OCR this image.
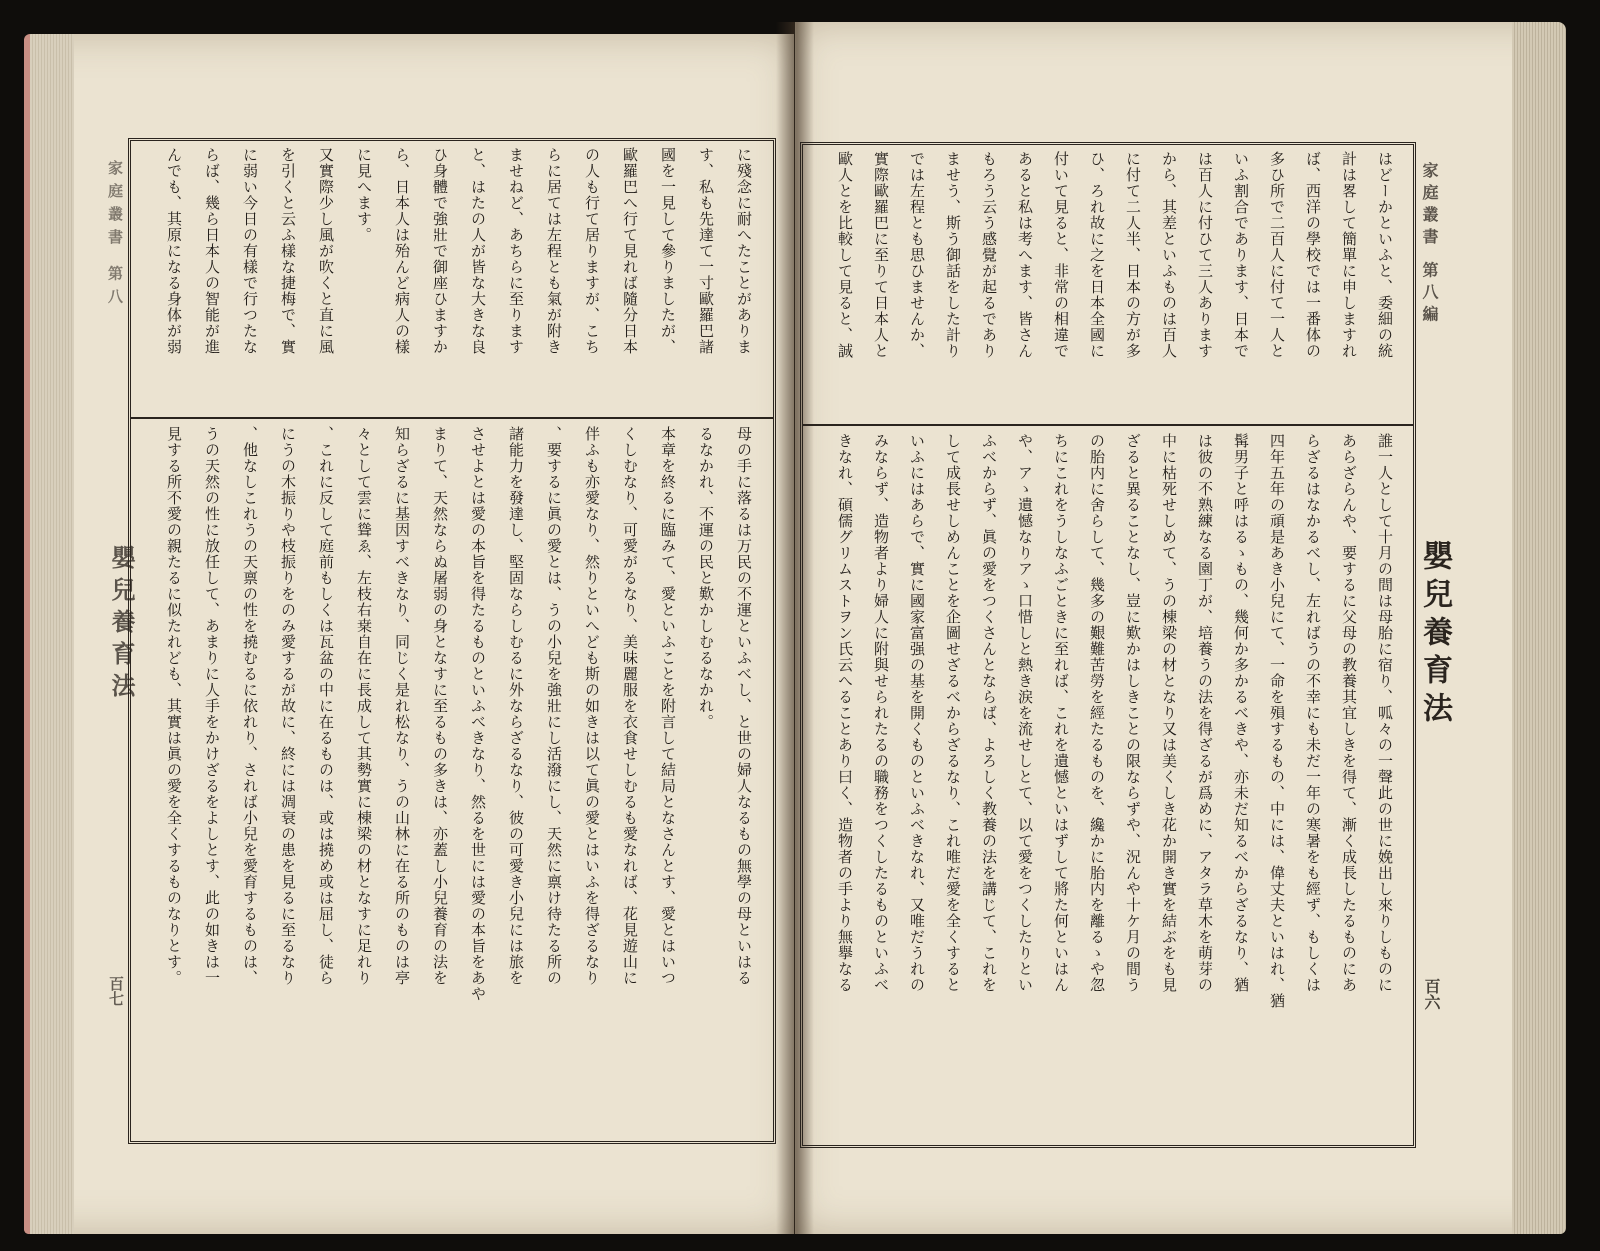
家庭叢書 第八編
嬰兒養育法
百六
家庭叢書 第八
嬰兒養育法
百七
はどーかといふと、委細の統
計は畧して簡單に申しますれ
ば、西洋の學校では一番体の
多ひ所で二百人に付て一人と
いふ割合であります、日本で
は百人に付ひて三人あります
から、其差といふものは百人
に付て二人半、日本の方が多
ひ、ろれ故に之を日本全國に
付いて見ると、非常の相違で
あると私は考へます、皆さん
もろう云う感覺が起るであり
ませう、斯う御話をした計り
では左程とも思ひませんか、
實際歐羅巴に至りて日本人と
歐人とを比較して見ると、誠
誰一人として十月の間は母胎に宿り、呱々の一聲此の世に娩出し來りしものに
あらざらんや、要するに父母の教養其宜しきを得て、漸く成長したるものにあ
らざるはなかるべし、左ればうの不幸にも未だ一年の寒暑をも經ず、もしくは
四年五年の頑是あき小兒にて、一命を殞するもの、中には、偉丈夫といはれ、猶
髯男子と呼はるゝもの、幾何か多かるべきや、亦未だ知るべからざるなり、猶
は彼の不熟練なる園丁が、培養うの法を得ざるが爲めに、アタラ草木を萌芽の
中に枯死せしめて、うの棟梁の材となり又は美くしき花か開き實を結ぶをも見
ざると異ることなし、豈に歎かはしきことの限ならずや、況んや十ケ月の間う
の胎内に舍らして、幾多の艱難苦勞を經たるものを、纔かに胎内を離るゝや忽
ちにこれをうしなふごときに至れば、これを遺憾といはずして將た何といはん
や、アゝ遺憾なりアゝ口惜しと熱き涙を流せしとて、以て愛をつくしたりとい
ふべからず、眞の愛をつくさんとならば、よろしく教養の法を講じて、これを
して成長せしめんことを企圖せざるべからざるなり、これ唯だ愛を全くすると
いふにはあらで、實に國家富强の基を開くものといふべきなれ、又唯だうれの
みならず、造物者より婦人に附與せられたるの職務をつくしたるものといふべ
きなれ、碩儒グリムストヲン氏云へることあり曰く、造物者の手より無擧なる
に殘念に耐へたことがありま
す、私も先達て一寸歐羅巴諸
國を一見して參りましたが、
歐羅巴へ行て見れば隨分日本
の人も行て居りますが、こち
らに居ては左程とも氣が附き
ませねど、あちらに至ります
と、はたの人が皆な大きな良
ひ身體で強壯で御座ひますか
ら、日本人は殆んど病人の樣
に見へます。
又實際少し風が吹くと直に風
を引くと云ふ樣な捷梅で、實
に弱い今日の有樣で行つたな
らば、幾ら日本人の智能が進
んでも、其原になる身体が弱
母の手に落るは万民の不運といふべし、と世の婦人なるもの無學の母といはる
るなかれ、不運の民と歎かしむるなかれ。
本章を終るに臨みて、愛といふことを附言して結局となさんとす、愛とはいつ
くしむなり、可愛がるなり、美味麗服を衣食せしむるも愛なれば、花見遊山に
伴ふも亦愛なり、然りといへども斯の如きは以て眞の愛とはいふを得ざるなり
、要するに眞の愛とは、うの小兒を強壯にし活潑にし、天然に禀け待たる所の
諸能力を發達し、堅固ならしむるに外ならざるなり、彼の可愛き小兒には旅を
させよとは愛の本旨を得たるものといふべきなり、然るを世には愛の本旨をあや
まりて、天然ならぬ屠弱の身となすに至るもの多きは、亦蓋し小兒養育の法を
知らざるに基因すべきなり、同じく是れ松なり、うの山林に在る所のものは亭
々として雲に聳ゑ、左枝右枽自在に長成して其勢實に棟梁の材となすに足れり
、これに反して庭前もしくは瓦盆の中に在るものは、或は撓め或は屈し、徒ら
にうの木振りや枝振りをのみ愛するが故に、終には凋衰の患を見るに至るなり
、他なしこれうの天禀の性を撓むるに依れり、されば小兒を愛育するものは、
うの天然の性に放任して、あまりに人手をかけざるをよしとす、此の如きは一
見する所不愛の親たるに似たれども、其實は眞の愛を全くするものなりとす。
